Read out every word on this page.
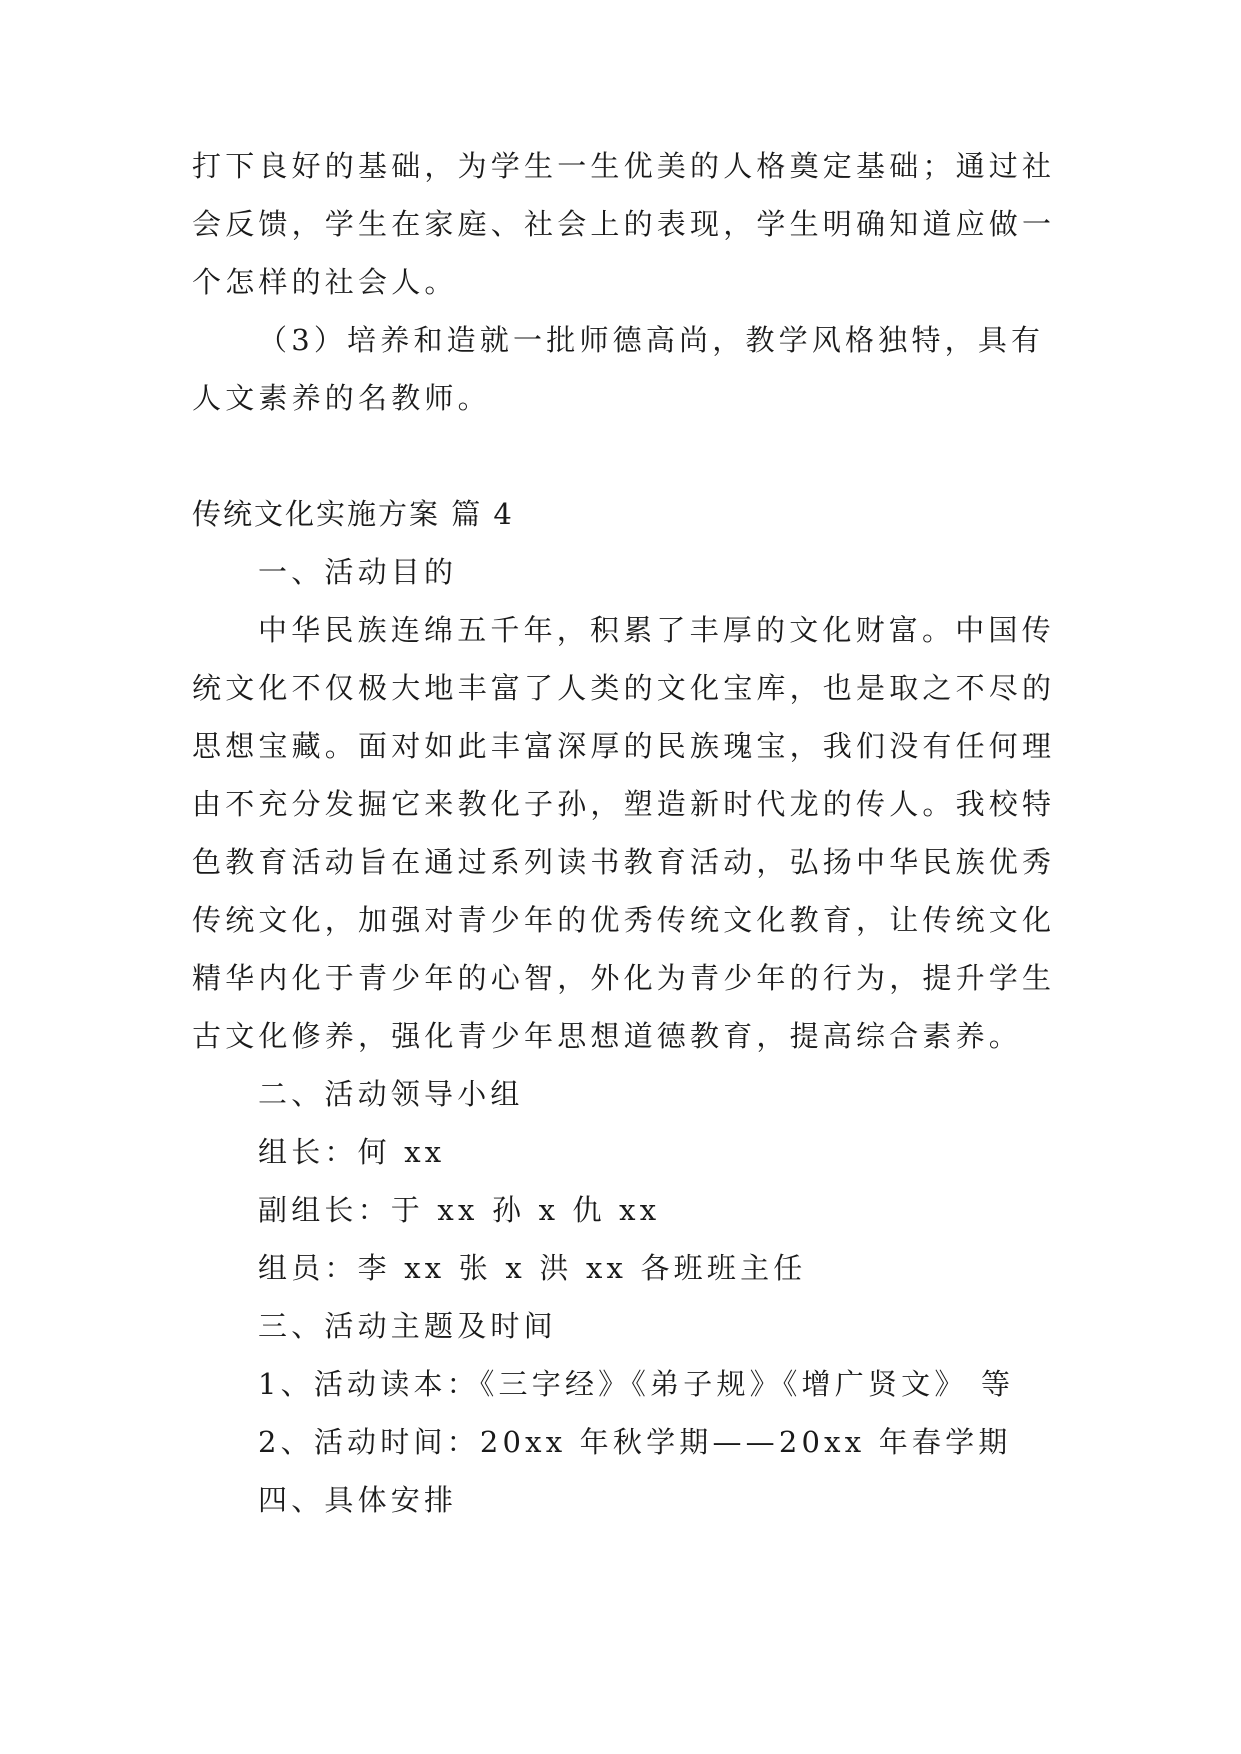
打下良好的基础，为学生一生优美的人格奠定基础；通过社
会反馈，学生在家庭、社会上的表现，学生明确知道应做一
个怎样的社会人。
（3）培养和造就一批师德高尚，教学风格独特，具有
人文素养的名教师。
传统文化实施方案 篇 4
一、活动目的
中华民族连绵五千年，积累了丰厚的文化财富。中国传
统文化不仅极大地丰富了人类的文化宝库，也是取之不尽的
思想宝藏。面对如此丰富深厚的民族瑰宝，我们没有任何理
由不充分发掘它来教化子孙，塑造新时代龙的传人。我校特
色教育活动旨在通过系列读书教育活动，弘扬中华民族优秀
传统文化，加强对青少年的优秀传统文化教育，让传统文化
精华内化于青少年的心智，外化为青少年的行为，提升学生
古文化修养，强化青少年思想道德教育，提高综合素养。
二、活动领导小组
组长：何 xx
副组长：于 xx 孙 x 仇 xx
组员：李 xx 张 x 洪 xx 各班班主任
三、活动主题及时间
1、活动读本：《三字经》《弟子规》《增广贤文》 等
2、活动时间：20xx 年秋学期——20xx 年春学期
四、具体安排
